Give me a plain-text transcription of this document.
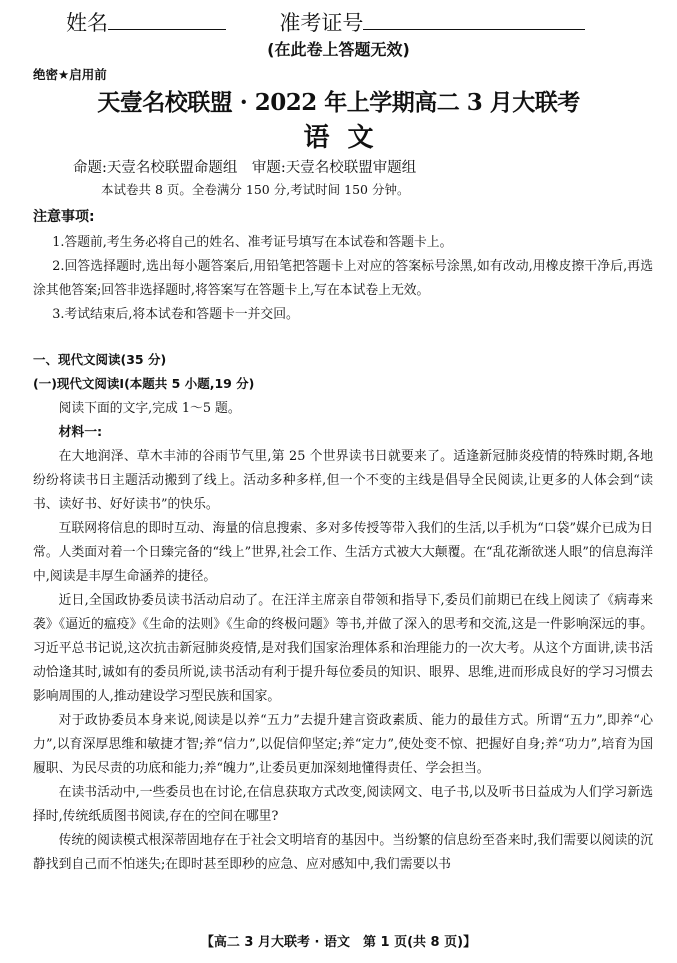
姓名	准考证号
(在此卷上答题无效)
绝密★启用前
天壹名校联盟 · 2022 年上学期高二 3 月大联考
语文
命题:天壹名校联盟命题组　审题:天壹名校联盟审题组
本试卷共 8 页。全卷满分 150 分,考试时间 150 分钟。
注意事项:

1.答题前,考生务必将自己的姓名、准考证号填写在本试卷和答题卡上。

2.回答选择题时,选出每小题答案后,用铅笔把答题卡上对应的答案标号涂黑,如有改动,用橡皮擦干净后,再选涂其他答案;回答非选择题时,将答案写在答题卡上,写在本试卷上无效。

3.考试结束后,将本试卷和答题卡一并交回。

一、现代文阅读(35 分)
(一)现代文阅读Ⅰ(本题共 5 小题,19 分)

阅读下面的文字,完成 1～5 题。

材料一:

在大地润泽、草木丰沛的谷雨节气里,第 25 个世界读书日就要来了。适逢新冠肺炎疫情的特殊时期,各地纷纷将读书日主题活动搬到了线上。活动多种多样,但一个不变的主线是倡导全民阅读,让更多的人体会到“读书、读好书、好好读书”的快乐。

互联网将信息的即时互动、海量的信息搜索、多对多传授等带入我们的生活,以手机为“口袋”媒介已成为日常。人类面对着一个日臻完备的“线上”世界,社会工作、生活方式被大大颠覆。在“乱花渐欲迷人眼”的信息海洋中,阅读是丰厚生命涵养的捷径。

近日,全国政协委员读书活动启动了。在汪洋主席亲自带领和指导下,委员们前期已在线上阅读了《病毒来袭》《逼近的瘟疫》《生命的法则》《生命的终极问题》等书,并做了深入的思考和交流,这是一件影响深远的事。习近平总书记说,这次抗击新冠肺炎疫情,是对我们国家治理体系和治理能力的一次大考。从这个方面讲,读书活动恰逢其时,诚如有的委员所说,读书活动有利于提升每位委员的知识、眼界、思维,进而形成良好的学习习惯去影响周围的人,推动建设学习型民族和国家。

对于政协委员本身来说,阅读是以养“五力”去提升建言资政素质、能力的最佳方式。所谓“五力”,即养“心力”,以育深厚思维和敏捷才智;养“信力”,以促信仰坚定;养“定力”,使处变不惊、把握好自身;养“功力”,培育为国履职、为民尽责的功底和能力;养“魄力”,让委员更加深刻地懂得责任、学会担当。

在读书活动中,一些委员也在讨论,在信息获取方式改变,阅读网文、电子书,以及听书日益成为人们学习新选择时,传统纸质图书阅读,存在的空间在哪里?

传统的阅读模式根深蒂固地存在于社会文明培育的基因中。当纷繁的信息纷至沓来时,我们需要以阅读的沉静找到自己而不怕迷失;在即时甚至即秒的应急、应对感知中,我们需要以书

【高二 3 月大联考 · 语文　第 1 页(共 8 页)】
